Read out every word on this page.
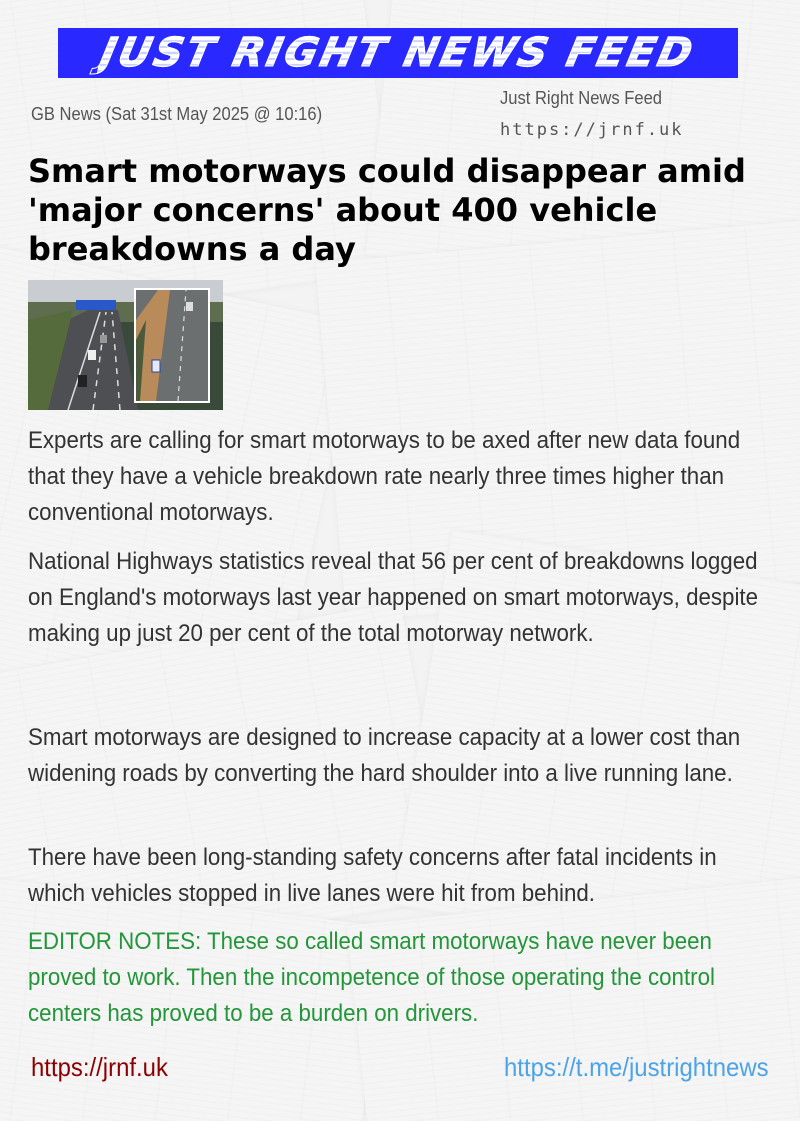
JUST RIGHT NEWS FEED
GB News (Sat 31st May 2025 @ 10:16)
Just Right News Feed
https://jrnf.uk
Smart motorways could disappear amid 'major concerns' about 400 vehicle breakdowns a day

Experts are calling for smart motorways to be axed after new data found that they have a vehicle breakdown rate nearly three times higher than conventional motorways.

National Highways statistics reveal that 56 per cent of breakdowns logged on England's motorways last year happened on smart motorways, despite making up just 20 per cent of the total motorway network.

Smart motorways are designed to increase capacity at a lower cost than widening roads by converting the hard shoulder into a live running lane.

There have been long-standing safety concerns after fatal incidents in which vehicles stopped in live lanes were hit from behind.

EDITOR NOTES: These so called smart motorways have never been proved to work. Then the incompetence of those operating the control centers has proved to be a burden on drivers.

https://jrnf.uk	https://t.me/justrightnews
